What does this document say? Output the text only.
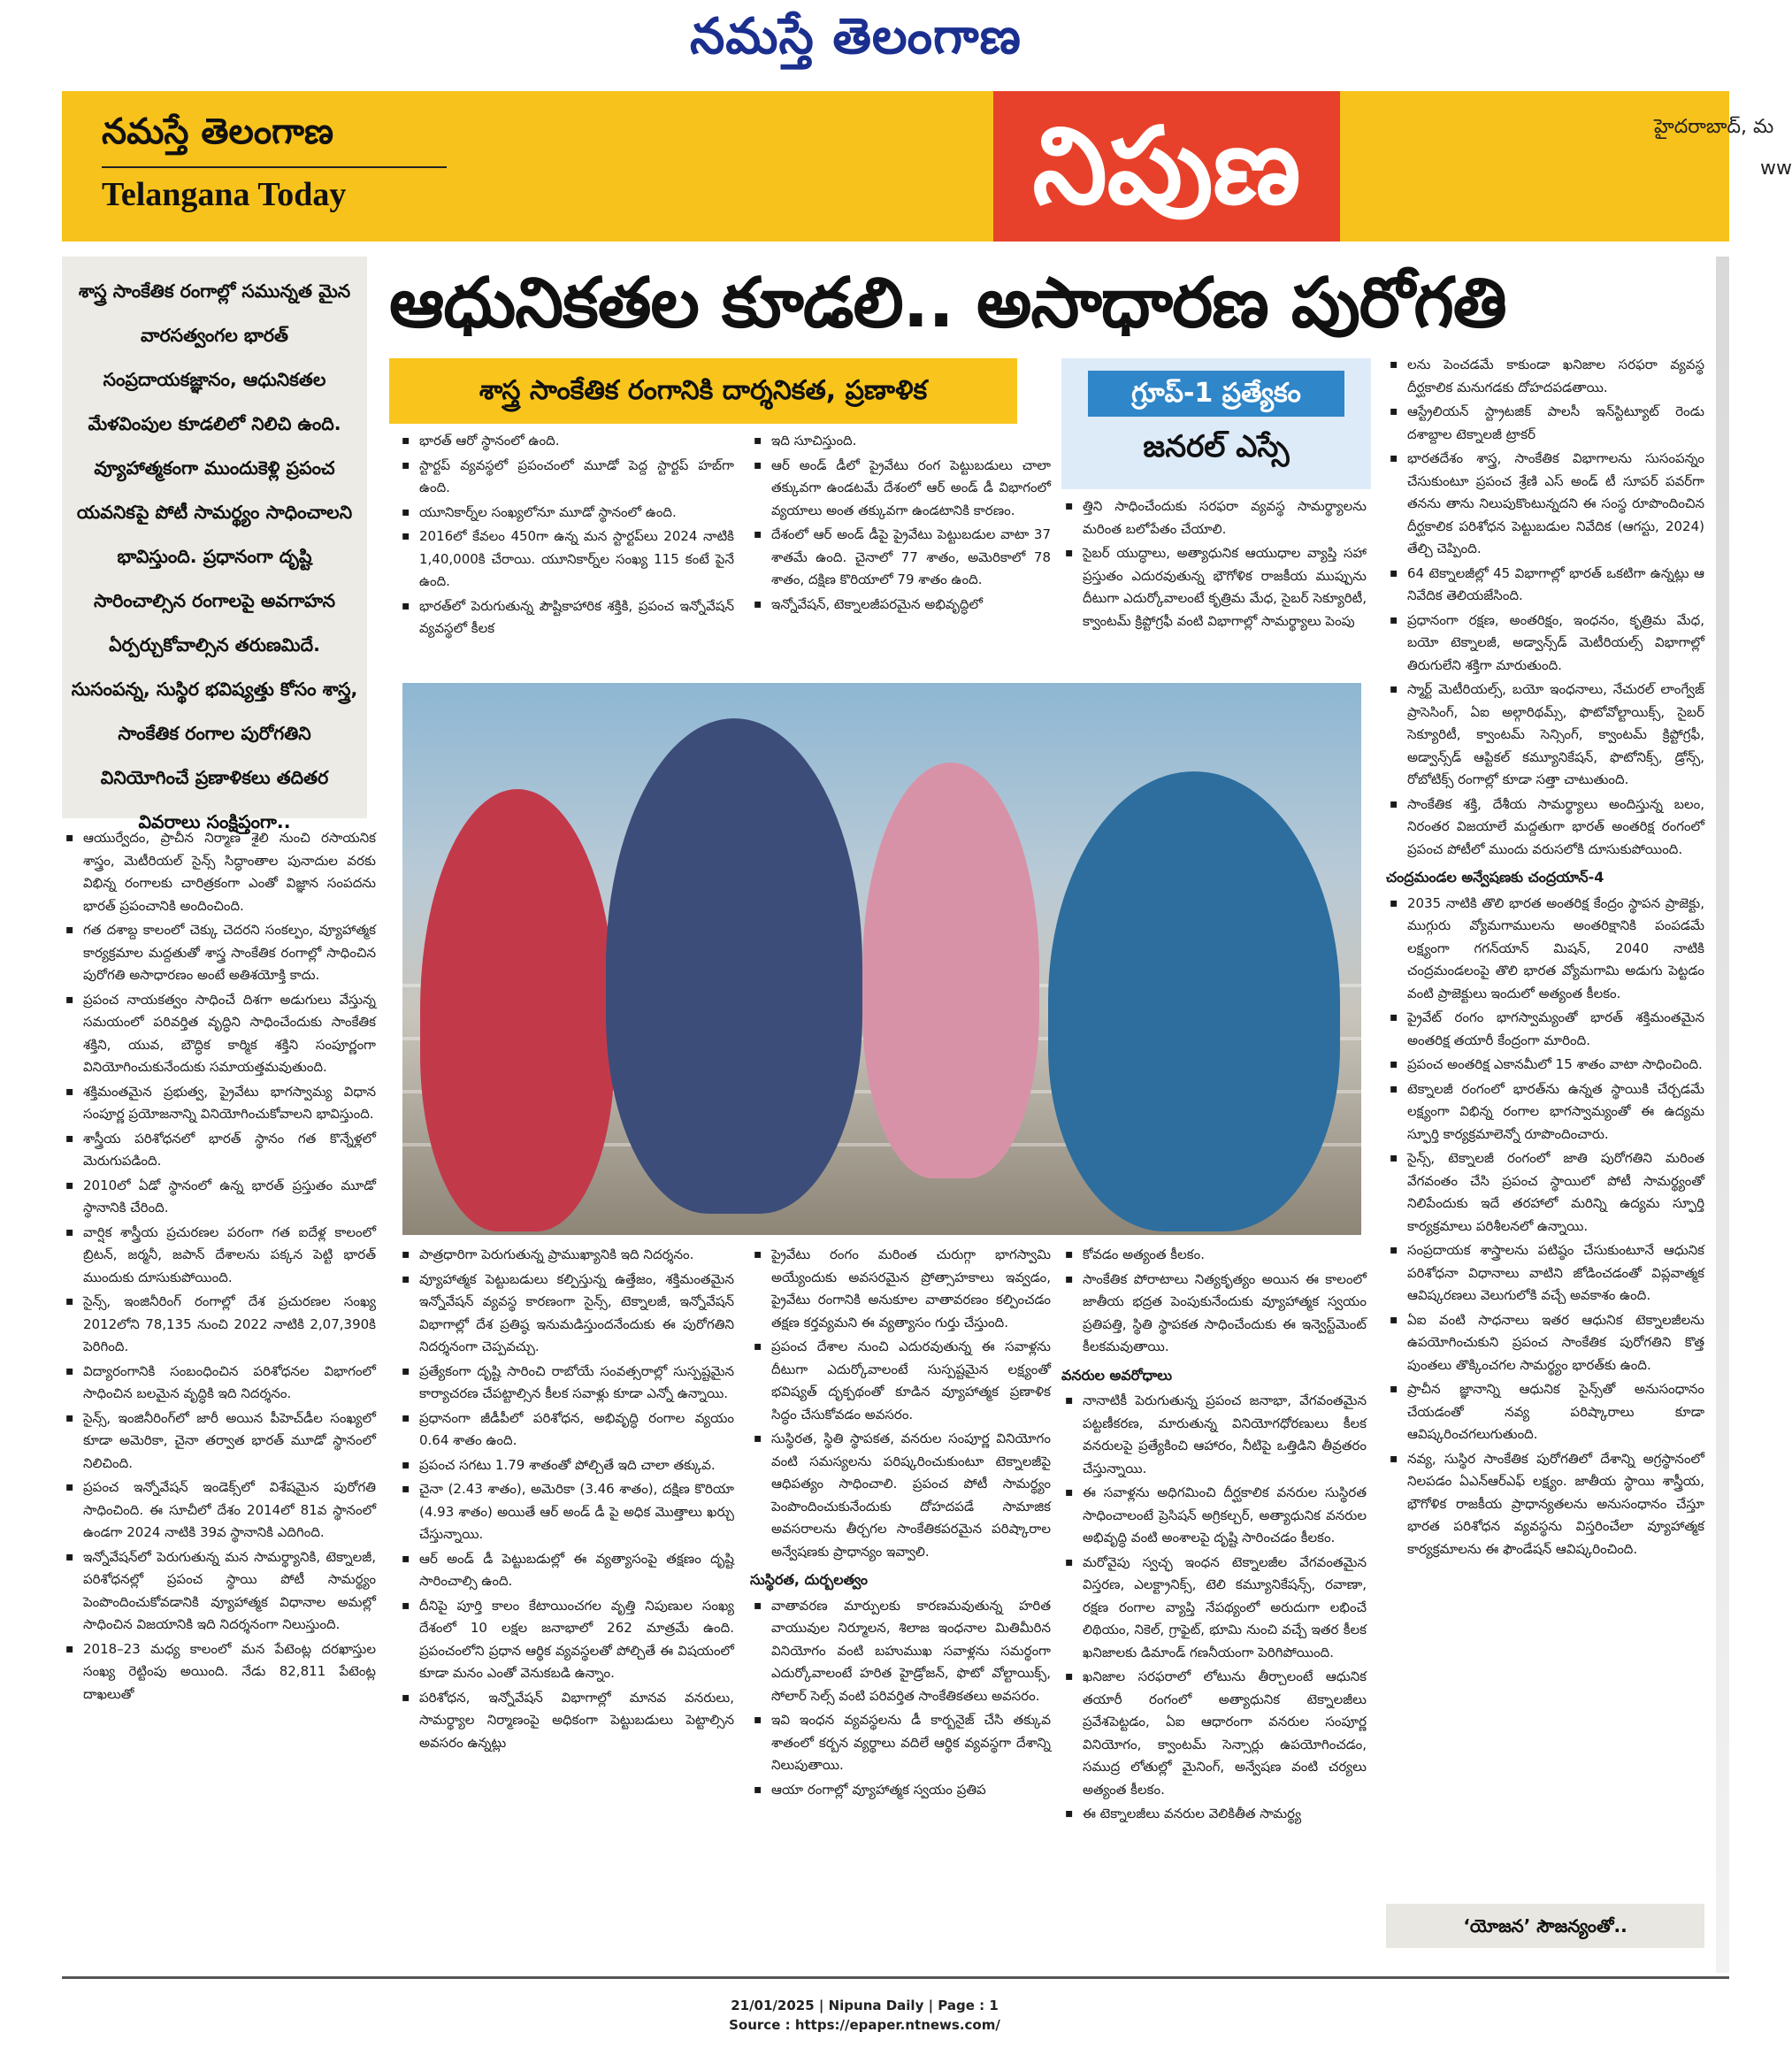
నమస్తే తెలంగాణ
నమస్తే తెలంగాణ
Telangana Today	నిపుణ	హైదరాబాద్, మ
ww

శాస్త్ర సాంకేతిక రంగాల్లో సమున్నత మైన వారసత్వంగల భారత్ సంప్రదాయకజ్ఞానం, ఆధునికతల మేళవింపుల కూడలిలో నిలిచి ఉంది. వ్యూహాత్మకంగా ముందుకెళ్లి ప్రపంచ యవనికపై పోటీ సామర్థ్యం సాధించాలని భావిస్తుంది. ప్రధానంగా దృష్టి సారించాల్సిన రంగాలపై అవగాహన ఏర్పర్చుకోవాల్సిన తరుణమిదే. సుసంపన్న, సుస్థిర భవిష్యత్తు కోసం శాస్త్ర, సాంకేతిక రంగాల పురోగతిని వినియోగించే ప్రణాళికలు తదితర వివరాలు సంక్షిప్తంగా..

ఆధునికతల కూడలి.. అసాధారణ పురోగతి
శాస్త్ర సాంకేతిక రంగానికి దార్శనికత, ప్రణాళిక	గ్రూప్-1 ప్రత్యేకం
జనరల్ ఎస్సే
▪ ఆయుర్వేదం, ప్రాచీన నిర్మాణ శైలి నుంచి రసాయనిక శాస్త్రం, మెటీరియల్ సైన్స్ సిద్ధాంతాల పునాదుల వరకు విభిన్న రంగాలకు చారిత్రకంగా ఎంతో విజ్ఞాన సంపదను భారత్ ప్రపంచానికి అందించింది.
▪ గత దశాబ్ద కాలంలో చెక్కు చెదరని సంకల్పం, వ్యూహాత్మక కార్యక్రమాల మద్దతుతో శాస్త్ర సాంకేతిక రంగాల్లో సాధించిన పురోగతి అసాధారణం అంటే అతిశయోక్తి కాదు.
▪ ప్రపంచ నాయకత్వం సాధించే దిశగా అడుగులు వేస్తున్న సమయంలో పరివర్తిత వృద్ధిని సాధించేందుకు సాంకేతిక శక్తిని, యువ, బౌద్ధిక కార్మిక శక్తిని సంపూర్ణంగా వినియోగించుకునేందుకు సమాయత్తమవుతుంది.
▪ శక్తిమంతమైన ప్రభుత్వ, ప్రైవేటు భాగస్వామ్య విధాన సంపూర్ణ ప్రయోజనాన్ని వినియోగించుకోవాలని భావిస్తుంది.
▪ శాస్త్రీయ పరిశోధనలో భారత్ స్థానం గత కొన్నేళ్లలో మెరుగుపడింది.
▪ 2010లో ఏడో స్థానంలో ఉన్న భారత్ ప్రస్తుతం మూడో స్థానానికి చేరింది.
▪ వార్షిక శాస్త్రీయ ప్రచురణల పరంగా గత ఐదేళ్ల కాలంలో బ్రిటన్, జర్మనీ, జపాన్ దేశాలను పక్కన పెట్టి భారత్ ముందుకు దూసుకుపోయింది.
▪ సైన్స్, ఇంజినీరింగ్ రంగాల్లో దేశ ప్రచురణల సంఖ్య 2012లోని 78,135 నుంచి 2022 నాటికి 2,07,390కి పెరిగింది.
▪ విద్యారంగానికి సంబంధించిన పరిశోధనల విభాగంలో సాధించిన బలమైన వృద్ధికి ఇది నిదర్శనం.
▪ సైన్స్, ఇంజినీరింగ్‌లో జారీ అయిన పీహెచ్‌డీల సంఖ్యలో కూడా అమెరికా, చైనా తర్వాత భారత్ మూడో స్థానంలో నిలిచింది.
▪ ప్రపంచ ఇన్నోవేషన్ ఇండెక్స్‌లో విశేషమైన పురోగతి సాధించింది. ఈ సూచీలో దేశం 2014లో 81వ స్థానంలో ఉండగా 2024 నాటికి 39వ స్థానానికి ఎదిగింది.
▪ ఇన్నోవేషన్‌లో పెరుగుతున్న మన సామర్థ్యానికి, టెక్నాలజీ, పరిశోధనల్లో ప్రపంచ స్థాయి పోటీ సామర్థ్యం పెంపొందించుకోవడానికి వ్యూహాత్మక విధానాల అమల్లో సాధించిన విజయానికి ఇది నిదర్శనంగా నిలుస్తుంది.
▪ 2018–23 మధ్య కాలంలో మన పేటెంట్ల దరఖాస్తుల సంఖ్య రెట్టింపు అయింది. నేడు 82,811 పేటెంట్ల దాఖలుతో
▪ భారత్ ఆరో స్థానంలో ఉంది.
▪ స్టార్టప్ వ్యవస్థలో ప్రపంచంలో మూడో పెద్ద స్టార్టప్ హబ్‌గా ఉంది.
▪ యూనికార్న్‌ల సంఖ్యలోనూ మూడో స్థానంలో ఉంది.
▪ 2016లో కేవలం 450గా ఉన్న మన స్టార్టప్‌లు 2024 నాటికి 1,40,000కి చేరాయి. యూనికార్న్‌ల సంఖ్య 115 కంటే పైనే ఉంది.
▪ భారత్‌లో పెరుగుతున్న పౌష్టికాహారిక శక్తికి, ప్రపంచ ఇన్నోవేషన్ వ్యవస్థలో కీలక
▪ ఇది సూచిస్తుంది.
▪ ఆర్ అండ్ డీలో ప్రైవేటు రంగ పెట్టుబడులు చాలా తక్కువగా ఉండటమే దేశంలో ఆర్ అండ్ డీ విభాగంలో వ్యయాలు అంత తక్కువగా ఉండటానికి కారణం.
▪ దేశంలో ఆర్ అండ్ డీపై ప్రైవేటు పెట్టుబడుల వాటా 37 శాతమే ఉంది. చైనాలో 77 శాతం, అమెరికాలో 78 శాతం, దక్షిణ కొరియాలో 79 శాతం ఉంది.
▪ ఇన్నోవేషన్, టెక్నాలజీపరమైన అభివృద్ధిలో
▪ త్తిని సాధించేందుకు సరఫరా వ్యవస్థ సామర్థ్యాలను మరింత బలోపేతం చేయాలి.
▪ సైబర్ యుద్ధాలు, అత్యాధునిక ఆయుధాల వ్యాప్తి సహా ప్రస్తుతం ఎదురవుతున్న భౌగోళిక రాజకీయ ముప్పును దీటుగా ఎదుర్కోవాలంటే కృత్రిమ మేధ, సైబర్ సెక్యూరిటీ, క్వాంటమ్ క్రిప్టోగ్రఫీ వంటి విభాగాల్లో సామర్థ్యాలు పెంపు
▪ పాత్రధారిగా పెరుగుతున్న ప్రాముఖ్యానికి ఇది నిదర్శనం.
▪ వ్యూహాత్మక పెట్టుబడులు కల్పిస్తున్న ఉత్తేజం, శక్తిమంతమైన ఇన్నోవేషన్ వ్యవస్థ కారణంగా సైన్స్, టెక్నాలజీ, ఇన్నోవేషన్ విభాగాల్లో దేశ ప్రతిష్ఠ ఇనుమడిస్తుందనేందుకు ఈ పురోగతిని నిదర్శనంగా చెప్పవచ్చు.
▪ ప్రత్యేకంగా దృష్టి సారించి రాబోయే సంవత్సరాల్లో సుస్పష్టమైన కార్యాచరణ చేపట్టాల్సిన కీలక సవాళ్లు కూడా ఎన్నో ఉన్నాయి.
▪ ప్రధానంగా జీడీపీలో పరిశోధన, అభివృద్ధి రంగాల వ్యయం 0.64 శాతం ఉంది.
▪ ప్రపంచ సగటు 1.79 శాతంతో పోల్చితే ఇది చాలా తక్కువ.
▪ చైనా (2.43 శాతం), అమెరికా (3.46 శాతం), దక్షిణ కొరియా (4.93 శాతం) అయితే ఆర్ అండ్ డీ పై అధిక మొత్తాలు ఖర్చు చేస్తున్నాయి.
▪ ఆర్ అండ్ డీ పెట్టుబడుల్లో ఈ వ్యత్యాసంపై తక్షణం దృష్టి సారించాల్సి ఉంది.
▪ దీనిపై పూర్తి కాలం కేటాయించగల వృత్తి నిపుణుల సంఖ్య దేశంలో 10 లక్షల జనాభాలో 262 మాత్రమే ఉంది. ప్రపంచంలోని ప్రధాన ఆర్థిక వ్యవస్థలతో పోల్చితే ఈ విషయంలో కూడా మనం ఎంతో వెనుకబడి ఉన్నాం.
▪ పరిశోధన, ఇన్నోవేషన్ విభాగాల్లో మానవ వనరులు, సామర్థ్యాల నిర్మాణంపై అధికంగా పెట్టుబడులు పెట్టాల్సిన అవసరం ఉన్నట్లు
▪ ప్రైవేటు రంగం మరింత చురుగ్గా భాగస్వామి అయ్యేందుకు అవసరమైన ప్రోత్సాహకాలు ఇవ్వడం, ప్రైవేటు రంగానికి అనుకూల వాతావరణం కల్పించడం తక్షణ కర్తవ్యమని ఈ వ్యత్యాసం గుర్తు చేస్తుంది.
▪ ప్రపంచ దేశాల నుంచి ఎదురవుతున్న ఈ సవాళ్లను దీటుగా ఎదుర్కోవాలంటే సుస్పష్టమైన లక్ష్యంతో భవిష్యత్ దృక్పథంతో కూడిన వ్యూహాత్మక ప్రణాళిక సిద్ధం చేసుకోవడం అవసరం.
▪ సుస్థిరత, స్థితి స్థాపకత, వనరుల సంపూర్ణ వినియోగం వంటి సమస్యలను పరిష్కరించుకుంటూ టెక్నాలజీపై ఆధిపత్యం సాధించాలి. ప్రపంచ పోటీ సామర్థ్యం పెంపొందించుకునేందుకు దోహదపడే సామాజిక అవసరాలను తీర్చగల సాంకేతికపరమైన పరిష్కారాల అన్వేషణకు ప్రాధాన్యం ఇవ్వాలి.
సుస్థిరత, దుర్బలత్వం
▪ వాతావరణ మార్పులకు కారణమవుతున్న హరిత వాయువుల నిర్మూలన, శిలాజ ఇంధనాల మితిమీరిన వినియోగం వంటి బహుముఖ సవాళ్లను సమర్థంగా ఎదుర్కోవాలంటే హరిత హైడ్రోజన్, ఫొటో వోల్టాయిక్స్, సోలార్ సెల్స్ వంటి పరివర్తిత సాంకేతికతలు అవసరం.
▪ ఇవి ఇంధన వ్యవస్థలను డీ కార్బనైజ్ చేసి తక్కువ శాతంలో కర్బన వ్యర్థాలు వదిలే ఆర్థిక వ్యవస్థగా దేశాన్ని నిలుపుతాయి.
▪ ఆయా రంగాల్లో వ్యూహాత్మక స్వయం ప్రతిప
▪ కోవడం అత్యంత కీలకం.
▪ సాంకేతిక పోరాటాలు నిత్యకృత్యం అయిన ఈ కాలంలో జాతీయ భద్రత పెంపుకునేందుకు వ్యూహాత్మక స్వయం ప్రతిపత్తి, స్థితి స్థాపకత సాధించేందుకు ఈ ఇన్వెస్ట్‌మెంట్ కీలకమవుతాయి.
వనరుల అవరోధాలు
▪ నానాటికీ పెరుగుతున్న ప్రపంచ జనాభా, వేగవంతమైన పట్టణీకరణ, మారుతున్న వినియోగధోరణులు కీలక వనరులపై ప్రత్యేకించి ఆహారం, నీటిపై ఒత్తిడిని తీవ్రతరం చేస్తున్నాయి.
▪ ఈ సవాళ్లను అధిగమించి దీర్ఘకాలిక వనరుల సుస్థిరత సాధించాలంటే ప్రెసిషన్ అగ్రికల్చర్, అత్యాధునిక వనరుల అభివృద్ధి వంటి అంశాలపై దృష్టి సారించడం కీలకం.
▪ మరోవైపు స్వచ్ఛ ఇంధన టెక్నాలజీల వేగవంతమైన విస్తరణ, ఎలక్ట్రానిక్స్, టెలి కమ్యూనికేషన్స్, రవాణా, రక్షణ రంగాల వ్యాప్తి నేపథ్యంలో అరుదుగా లభించే లిథియం, నికెల్, గ్రాఫైట్, భూమి నుంచి వచ్చే ఇతర కీలక ఖనిజాలకు డిమాండ్ గణనీయంగా పెరిగిపోయింది.
▪ ఖనిజాల సరఫరాలో లోటును తీర్చాలంటే ఆధునిక తయారీ రంగంలో అత్యాధునిక టెక్నాలజీలు ప్రవేశపెట్టడం, ఏఐ ఆధారంగా వనరుల సంపూర్ణ వినియోగం, క్వాంటమ్ సెన్సార్లు ఉపయోగించడం, సముద్ర లోతుల్లో మైనింగ్, అన్వేషణ వంటి చర్యలు అత్యంత కీలకం.
▪ ఈ టెక్నాలజీలు వనరుల వెలికితీత సామర్థ్య
▪ లను పెంచడమే కాకుండా ఖనిజాల సరఫరా వ్యవస్థ దీర్ఘకాలిక మనుగడకు దోహదపడతాయి.
▪ ఆస్ట్రేలియన్ స్ట్రాటజిక్ పాలసీ ఇన్‌స్టిట్యూట్ రెండు దశాబ్దాల టెక్నాలజీ ట్రాకర్
▪ భారతదేశం శాస్త్ర, సాంకేతిక విభాగాలను సుసంపన్నం చేసుకుంటూ ప్రపంచ శ్రేణి ఎస్ అండ్ టీ సూపర్ పవర్‌గా తనను తాను నిలుపుకొంటున్నదని ఈ సంస్థ రూపొందించిన దీర్ఘకాలిక పరిశోధన పెట్టుబడుల నివేదిక (ఆగస్టు, 2024) తేల్చి చెప్పింది.
▪ 64 టెక్నాలజీల్లో 45 విభాగాల్లో భారత్ ఒకటిగా ఉన్నట్లు ఆ నివేదిక తెలియజేసింది.
▪ ప్రధానంగా రక్షణ, అంతరిక్షం, ఇంధనం, కృత్రిమ మేధ, బయో టెక్నాలజీ, అడ్వాన్స్‌డ్ మెటీరియల్స్ విభాగాల్లో తిరుగులేని శక్తిగా మారుతుంది.
▪ స్మార్ట్ మెటీరియల్స్, బయో ఇంధనాలు, నేచురల్ లాంగ్వేజ్ ప్రాసెసింగ్, ఏఐ అల్గారిథమ్స్, ఫొటోవోల్టాయిక్స్, సైబర్ సెక్యూరిటీ, క్వాంటమ్ సెన్సింగ్, క్వాంటమ్ క్రిప్టోగ్రఫీ, అడ్వాన్స్‌డ్ ఆప్టికల్ కమ్యూనికేషన్, ఫొటోనిక్స్, డ్రోన్స్, రోబోటిక్స్ రంగాల్లో కూడా సత్తా చాటుతుంది.
▪ సాంకేతిక శక్తి, దేశీయ సామర్థ్యాలు అందిస్తున్న బలం, నిరంతర విజయాలే మద్దతుగా భారత్ అంతరిక్ష రంగంలో ప్రపంచ పోటీలో ముందు వరుసలోకి దూసుకుపోయింది.
చంద్రమండల అన్వేషణకు చంద్రయాన్-4
▪ 2035 నాటికి తొలి భారత అంతరిక్ష కేంద్రం స్థాపన ప్రాజెక్టు, ముగ్గురు వ్యోమగాములను అంతరిక్షానికి పంపడమే లక్ష్యంగా గగన్‌యాన్ మిషన్, 2040 నాటికి చంద్రమండలంపై తొలి భారత వ్యోమగామి అడుగు పెట్టడం వంటి ప్రాజెక్టులు ఇందులో అత్యంత కీలకం.
▪ ప్రైవేట్ రంగం భాగస్వామ్యంతో భారత్ శక్తిమంతమైన అంతరిక్ష తయారీ కేంద్రంగా మారింది.
▪ ప్రపంచ అంతరిక్ష ఎకానమీలో 15 శాతం వాటా సాధించింది.
▪ టెక్నాలజీ రంగంలో భారత్‌ను ఉన్నత స్థాయికి చేర్చడమే లక్ష్యంగా విభిన్న రంగాల భాగస్వామ్యంతో ఈ ఉద్యమ స్ఫూర్తి కార్యక్రమాలెన్నో రూపొందించారు.
▪ సైన్స్, టెక్నాలజీ రంగంలో జాతి పురోగతిని మరింత వేగవంతం చేసి ప్రపంచ స్థాయిలో పోటీ సామర్థ్యంతో నిలిపేందుకు ఇదే తరహాలో మరిన్ని ఉద్యమ స్ఫూర్తి కార్యక్రమాలు పరిశీలనలో ఉన్నాయి.
▪ సంప్రదాయక శాస్త్రాలను పటిష్ఠం చేసుకుంటూనే ఆధునిక పరిశోధనా విధానాలు వాటిని జోడించడంతో విప్లవాత్మక ఆవిష్కరణలు వెలుగులోకి వచ్చే అవకాశం ఉంది.
▪ ఏఐ వంటి సాధనాలు ఇతర ఆధునిక టెక్నాలజీలను ఉపయోగించుకుని ప్రపంచ సాంకేతిక పురోగతిని కొత్త పుంతలు తొక్కించగల సామర్థ్యం భారత్‌కు ఉంది.
▪ ప్రాచీన జ్ఞానాన్ని ఆధునిక సైన్స్‌తో అనుసంధానం చేయడంతో నవ్య పరిష్కారాలు కూడా ఆవిష్కరించగలుగుతుంది.
▪ నవ్య, సుస్థిర సాంకేతిక పురోగతిలో దేశాన్ని అగ్రస్థానంలో నిలపడం ఏఎన్‌ఆర్‌ఎఫ్ లక్ష్యం. జాతీయ స్థాయి శాస్త్రీయ, భౌగోళిక రాజకీయ ప్రాధాన్యతలను అనుసంధానం చేస్తూ భారత పరిశోధన వ్యవస్థను విస్తరించేలా వ్యూహాత్మక కార్యక్రమాలను ఈ ఫౌండేషన్ ఆవిష్కరించింది.
‘యోజన’ సౌజన్యంతో..
21/01/2025 | Nipuna Daily | Page : 1
Source : https://epaper.ntnews.com/
